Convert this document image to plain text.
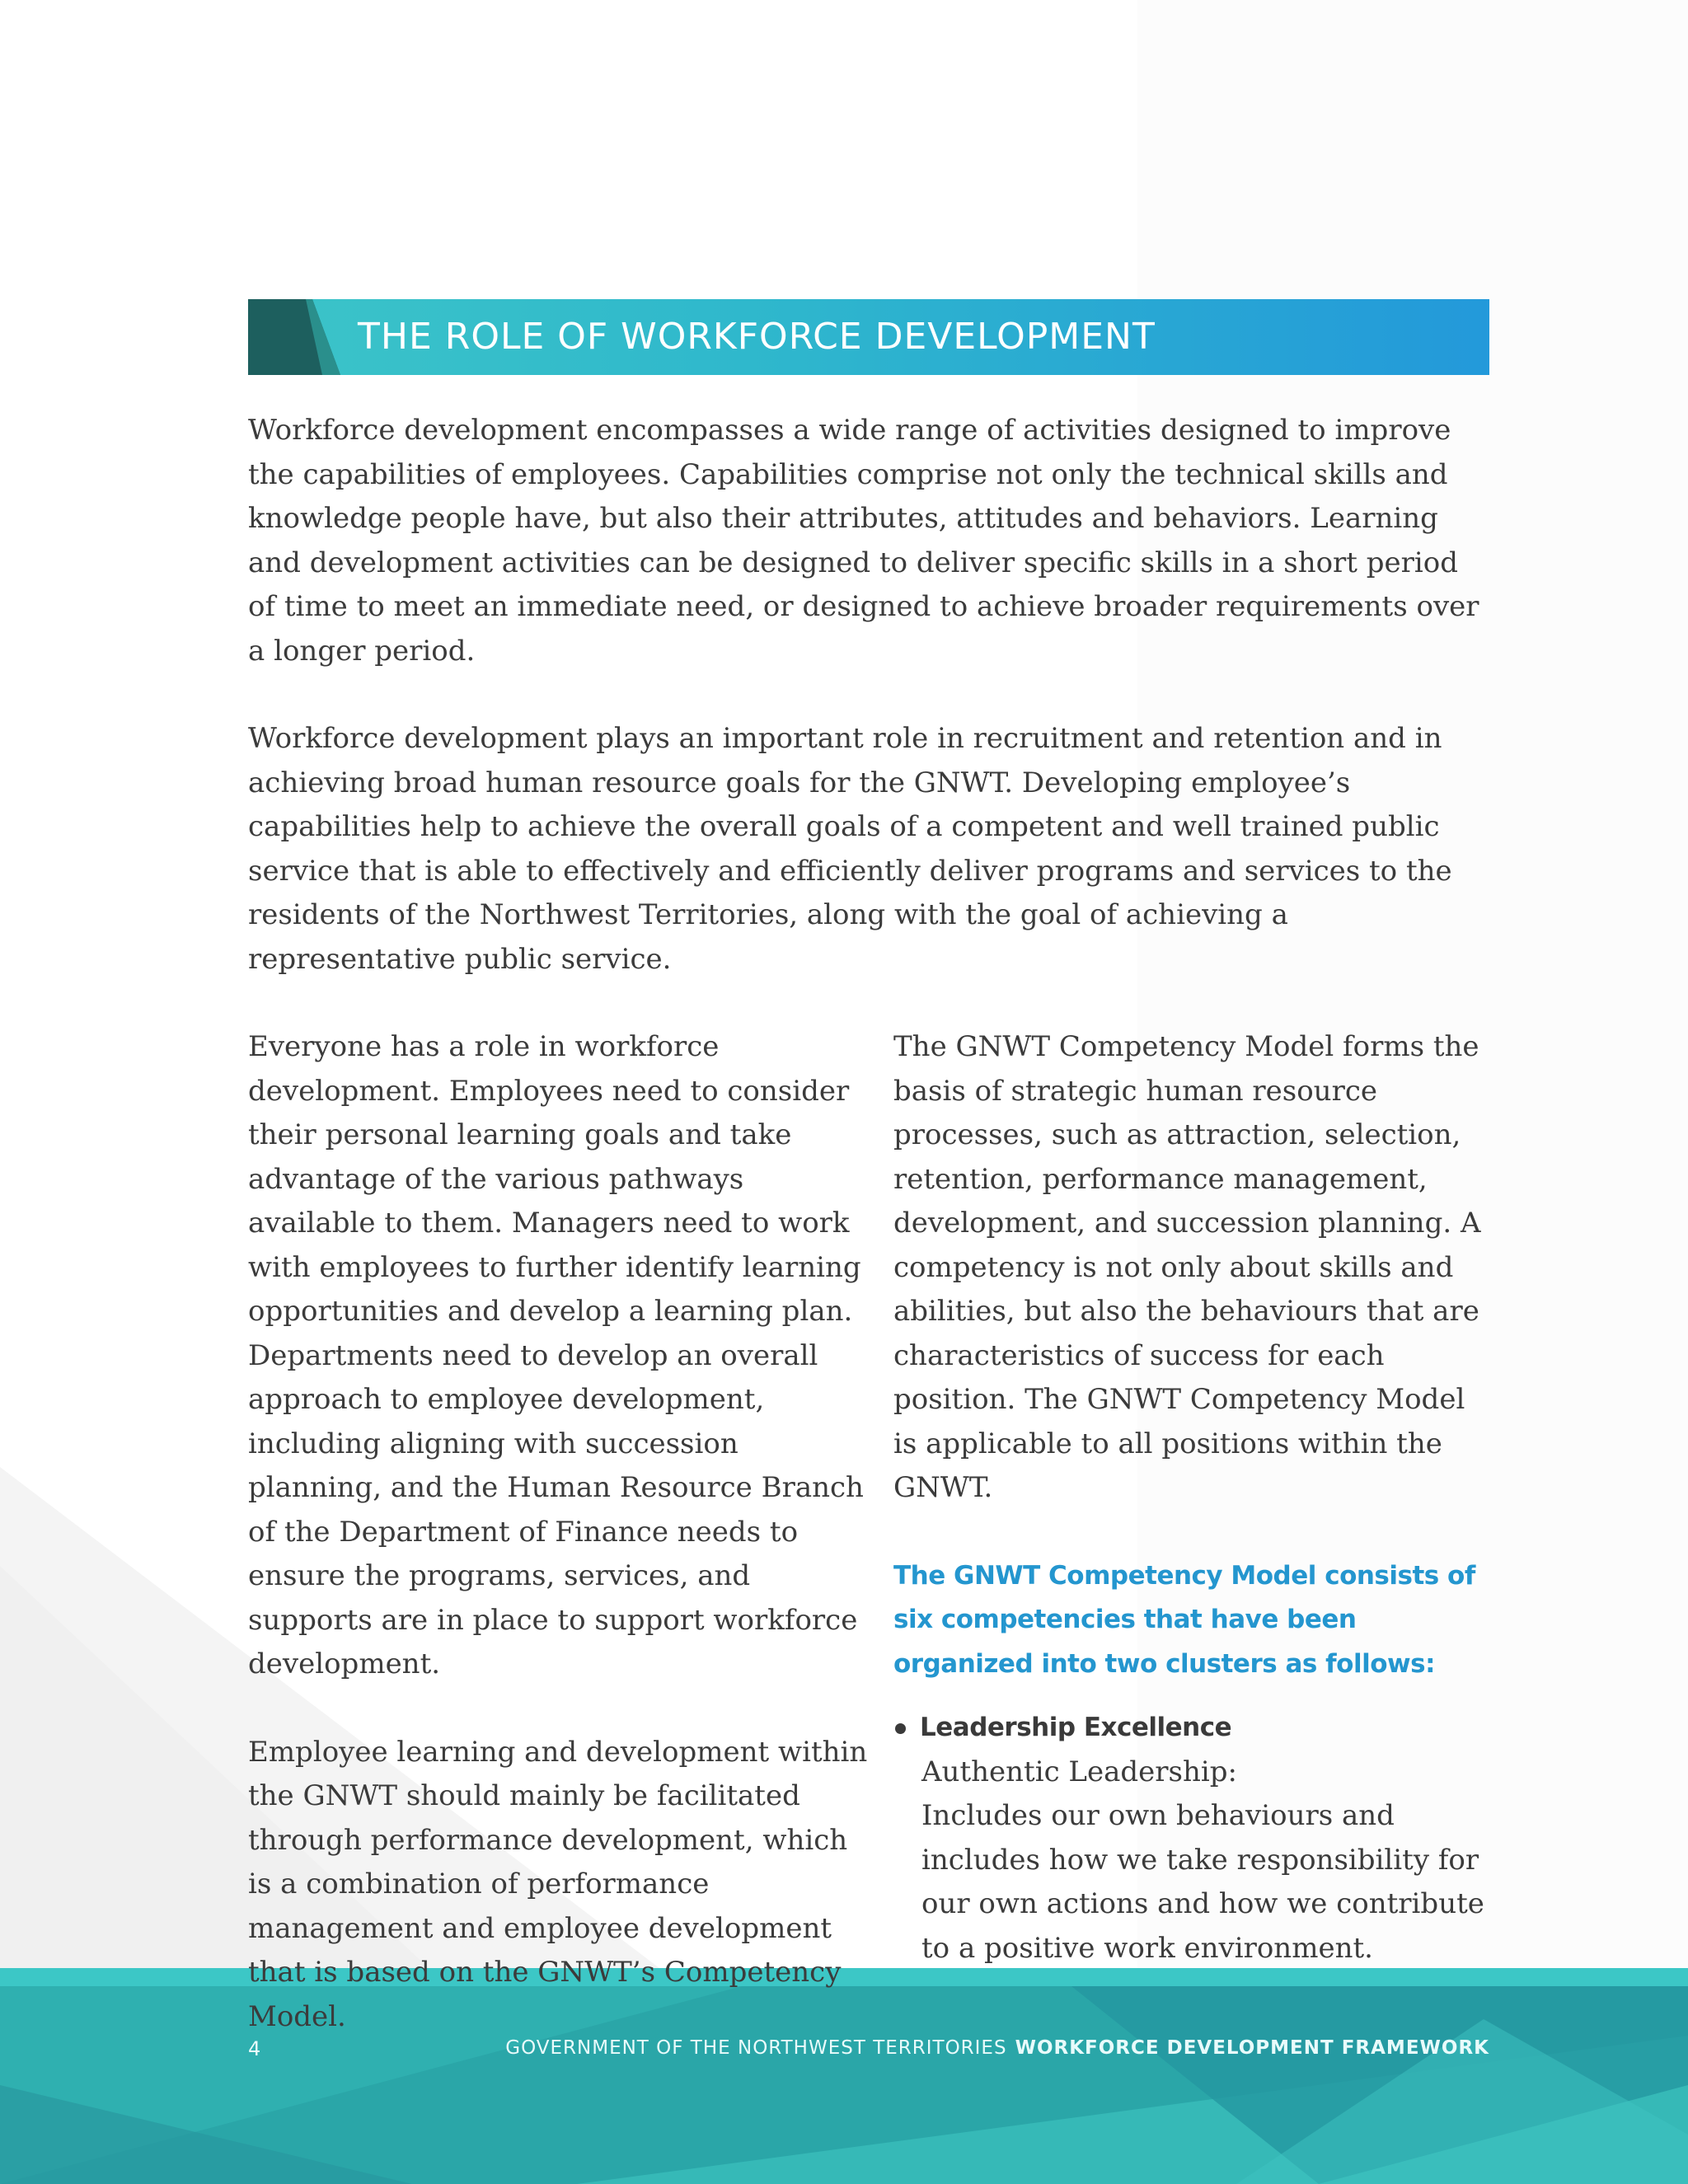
THE ROLE OF WORKFORCE DEVELOPMENT

Workforce development encompasses a wide range of activities designed to improve the capabilities of employees. Capabilities comprise not only the technical skills and knowledge people have, but also their attributes, attitudes and behaviors. Learning and development activities can be designed to deliver specific skills in a short period of time to meet an immediate need, or designed to achieve broader requirements over a longer period.

Workforce development plays an important role in recruitment and retention and in achieving broad human resource goals for the GNWT. Developing employee’s capabilities help to achieve the overall goals of a competent and well trained public service that is able to effectively and efficiently deliver programs and services to the residents of the Northwest Territories, along with the goal of achieving a representative public service.

Everyone has a role in workforce development. Employees need to consider their personal learning goals and take advantage of the various pathways available to them. Managers need to work with employees to further identify learning opportunities and develop a learning plan. Departments need to develop an overall approach to employee development, including aligning with succession planning, and the Human Resource Branch of the Department of Finance needs to ensure the programs, services, and supports are in place to support workforce development.

Employee learning and development within the GNWT should mainly be facilitated through performance development, which is a combination of performance management and employee development that is based on the GNWT’s Competency Model.

The GNWT Competency Model forms the basis of strategic human resource processes, such as attraction, selection, retention, performance management, development, and succession planning. A competency is not only about skills and abilities, but also the behaviours that are characteristics of success for each position. The GNWT Competency Model is applicable to all positions within the GNWT.

The GNWT Competency Model consists of six competencies that have been organized into two clusters as follows:

Leadership Excellence

Authentic Leadership:

Includes our own behaviours and includes how we take responsibility for our own actions and how we contribute to a positive work environment.

4	GOVERNMENT OF THE NORTHWEST TERRITORIES WORKFORCE DEVELOPMENT FRAMEWORK
